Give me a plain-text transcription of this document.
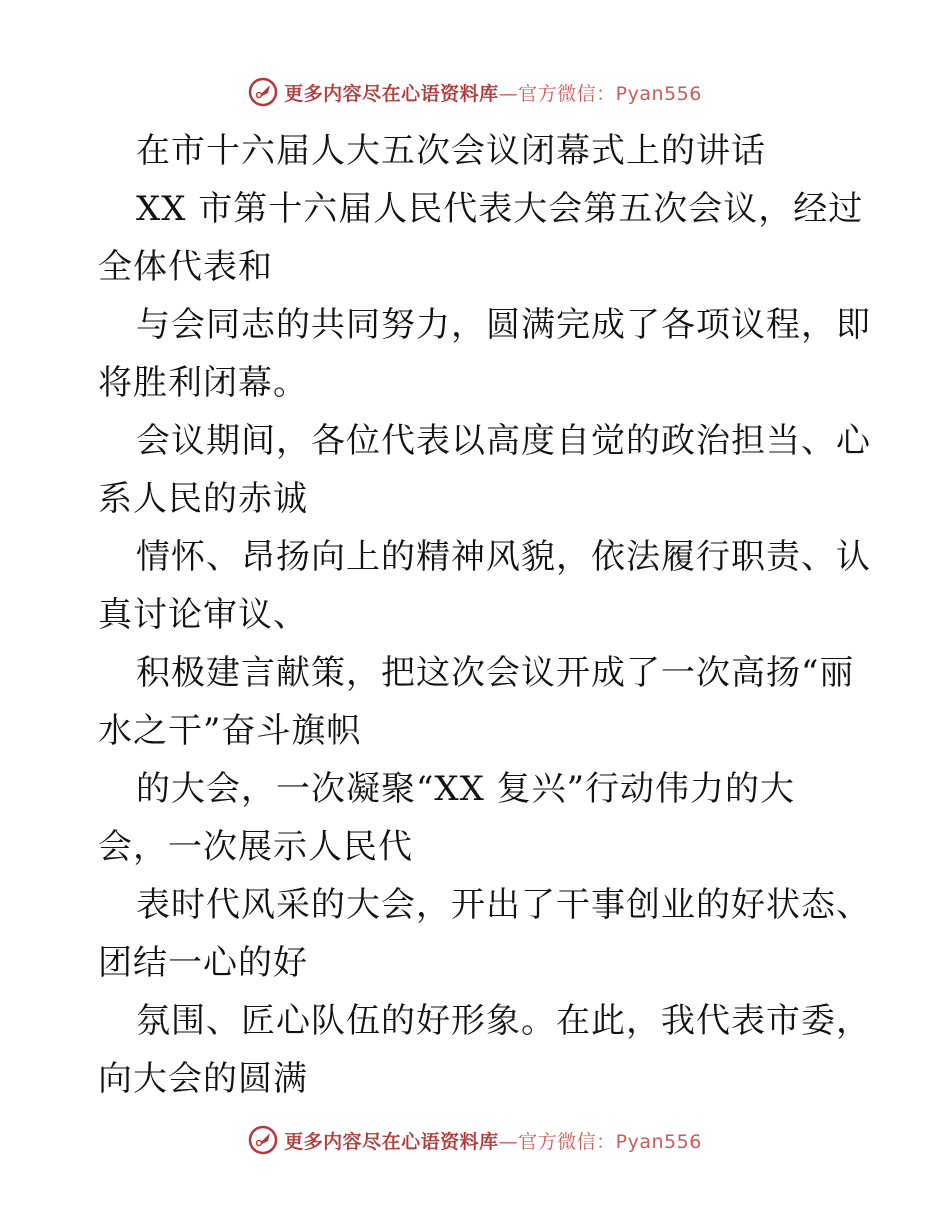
更多内容尽在心语资料库—官方微信：Pyan556
在市十六届人大五次会议闭幕式上的讲话
XX 市第十六届人民代表大会第五次会议，经过
全体代表和
与会同志的共同努力，圆满完成了各项议程，即
将胜利闭幕。
会议期间，各位代表以高度自觉的政治担当、心
系人民的赤诚
情怀、昂扬向上的精神风貌，依法履行职责、认
真讨论审议、
积极建言献策，把这次会议开成了一次高扬“丽
水之干”奋斗旗帜
的大会，一次凝聚“XX 复兴”行动伟力的大
会，一次展示人民代
表时代风采的大会，开出了干事创业的好状态、
团结一心的好
氛围、匠心队伍的好形象。在此，我代表市委，
向大会的圆满
更多内容尽在心语资料库—官方微信：Pyan556
